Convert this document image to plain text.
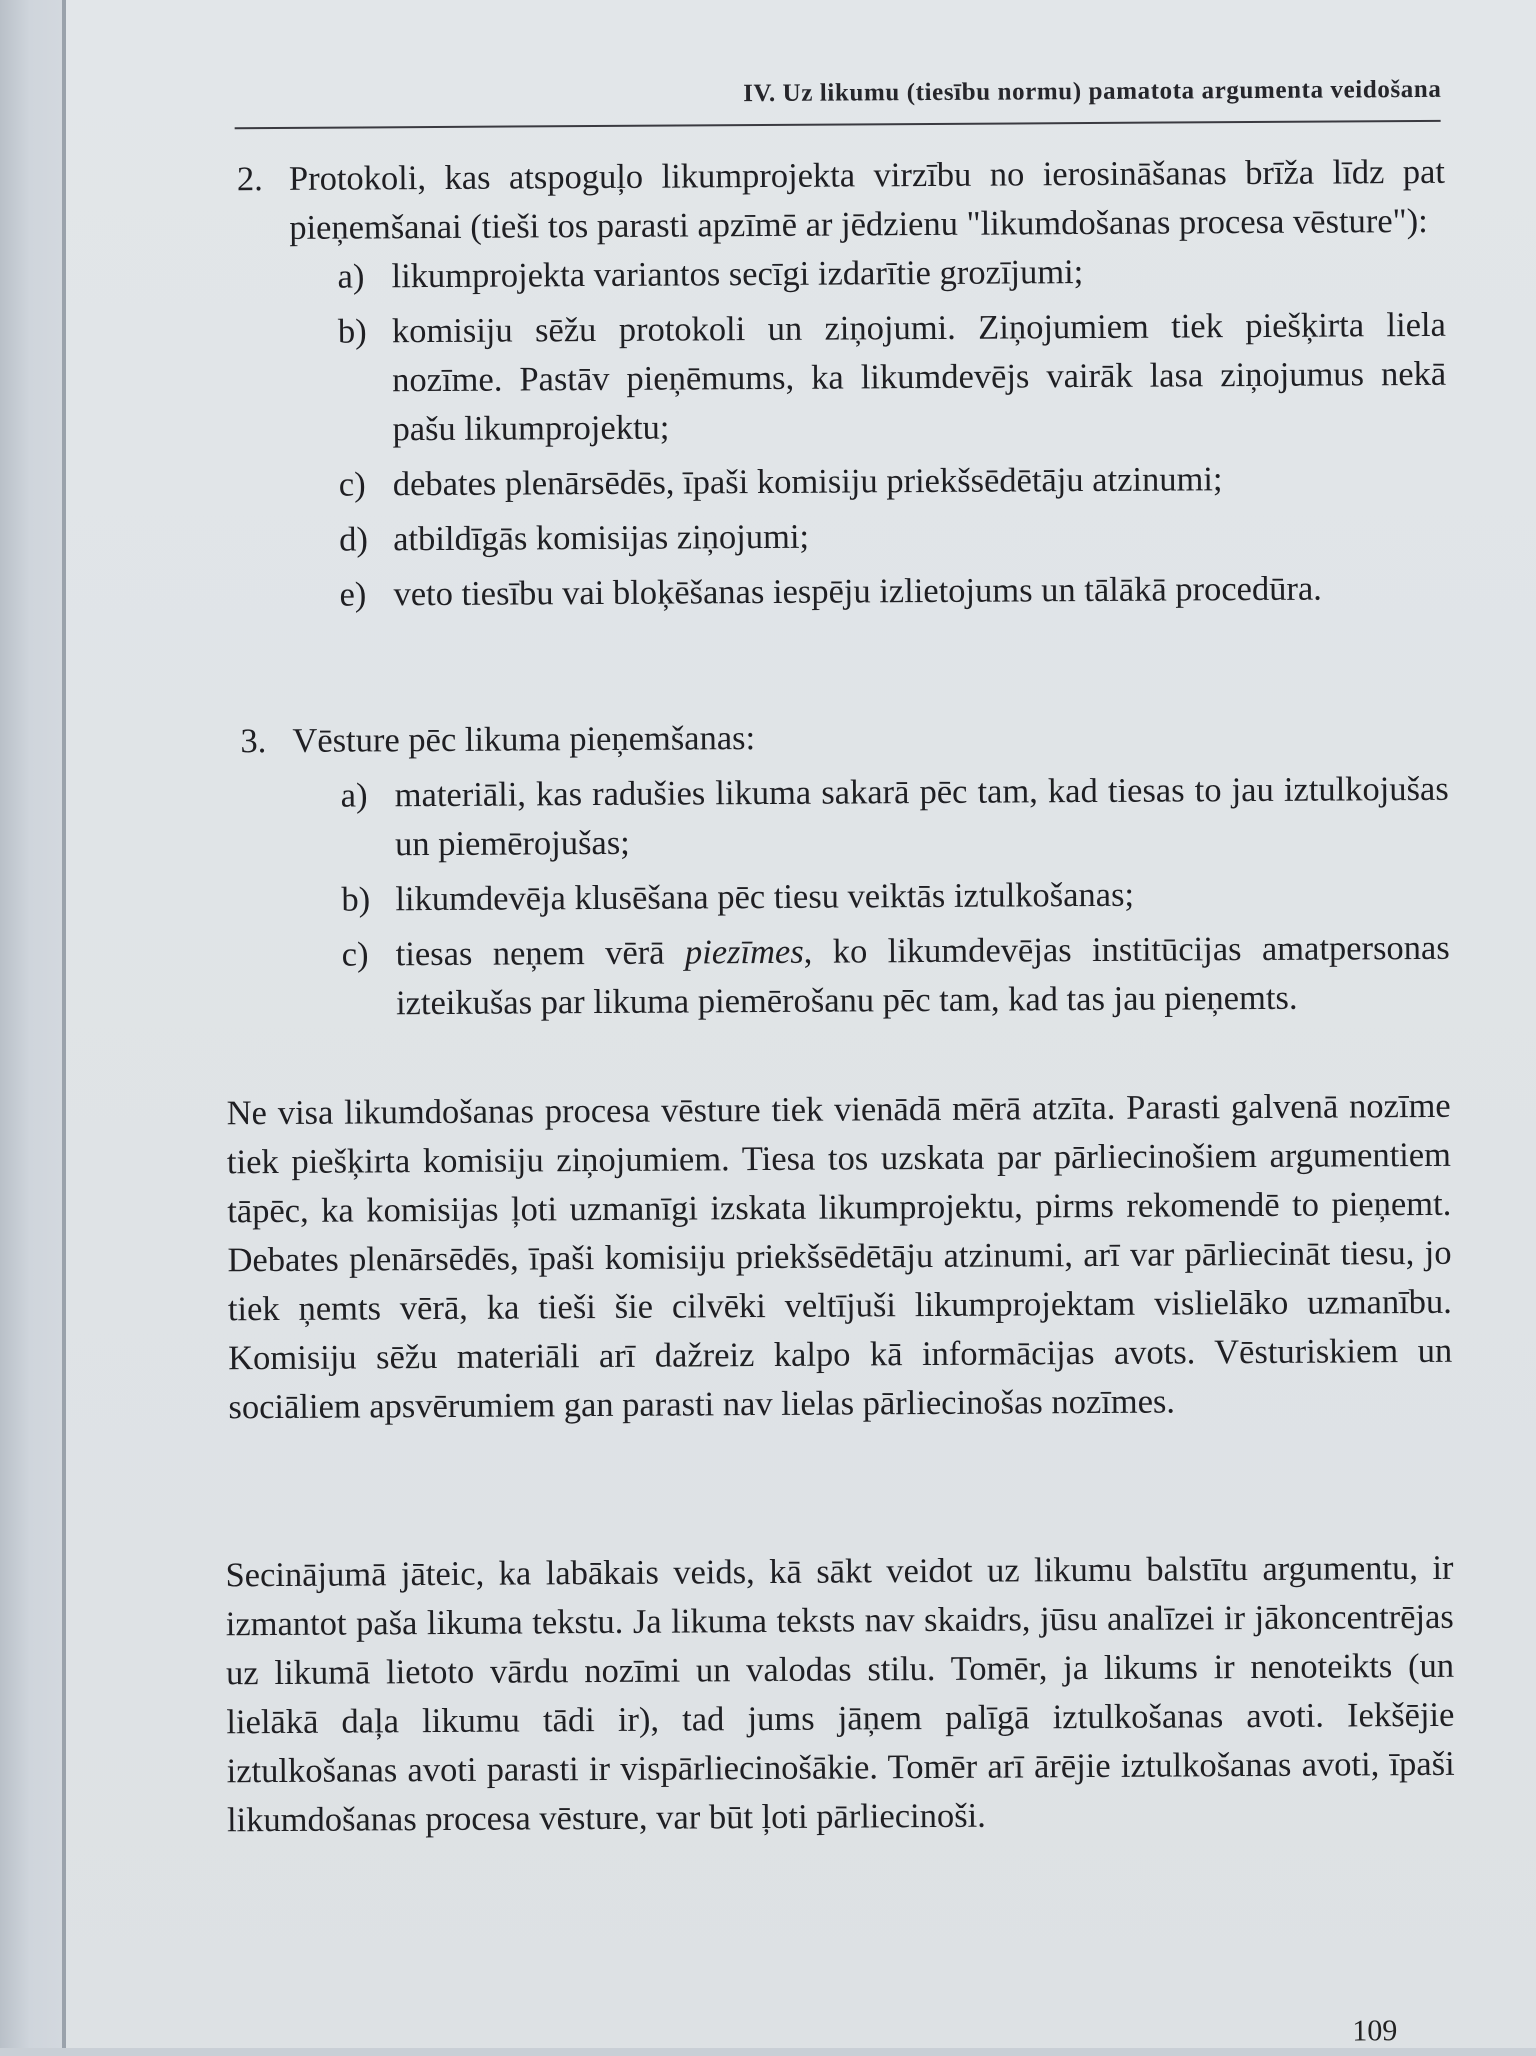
IV. Uz likumu (tiesību normu) pamatota argumenta veidošana
2. Protokoli, kas atspoguļo likumprojekta virzību no ierosināšanas brīža līdz pat pieņemšanai (tieši tos parasti apzīmē ar jēdzienu "likumdošanas procesa vēsture"):
a) likumprojekta variantos secīgi izdarītie grozījumi;
b) komisiju sēžu protokoli un ziņojumi. Ziņojumiem tiek piešķirta liela nozīme. Pastāv pieņēmums, ka likumdevējs vairāk lasa ziņojumus nekā pašu likumprojektu;
c) debates plenārsēdēs, īpaši komisiju priekšsēdētāju atzinumi;
d) atbildīgās komisijas ziņojumi;
e) veto tiesību vai bloķēšanas iespēju izlietojums un tālākā procedūra.
3. Vēsture pēc likuma pieņemšanas:
a) materiāli, kas radušies likuma sakarā pēc tam, kad tiesas to jau iztulkojušas un piemērojušas;
b) likumdevēja klusēšana pēc tiesu veiktās iztulkošanas;
c) tiesas neņem vērā piezīmes, ko likumdevējas institūcijas amatpersonas izteikušas par likuma piemērošanu pēc tam, kad tas jau pieņemts.
Ne visa likumdošanas procesa vēsture tiek vienādā mērā atzīta. Parasti galvenā nozīme tiek piešķirta komisiju ziņojumiem. Tiesa tos uzskata par pārliecinošiem argumentiem tāpēc, ka komisijas ļoti uzmanīgi izskata likumprojektu, pirms rekomendē to pieņemt. Debates plenārsēdēs, īpaši komisiju priekšsēdētāju atzinumi, arī var pārliecināt tiesu, jo tiek ņemts vērā, ka tieši šie cilvēki veltījuši likumprojektam vislielāko uzmanību. Komisiju sēžu materiāli arī dažreiz kalpo kā informācijas avots. Vēsturiskiem un sociāliem apsvērumiem gan parasti nav lielas pārliecinošas nozīmes.
Secinājumā jāteic, ka labākais veids, kā sākt veidot uz likumu balstītu argumentu, ir izmantot paša likuma tekstu. Ja likuma teksts nav skaidrs, jūsu analīzei ir jākoncentrējas uz likumā lietoto vārdu nozīmi un valodas stilu. Tomēr, ja likums ir nenoteikts (un lielākā daļa likumu tādi ir), tad jums jāņem palīgā iztulkošanas avoti. Iekšējie iztulkošanas avoti parasti ir vispārliecinošākie. Tomēr arī ārējie iztulkošanas avoti, īpaši likumdošanas procesa vēsture, var būt ļoti pārliecinoši.
109
